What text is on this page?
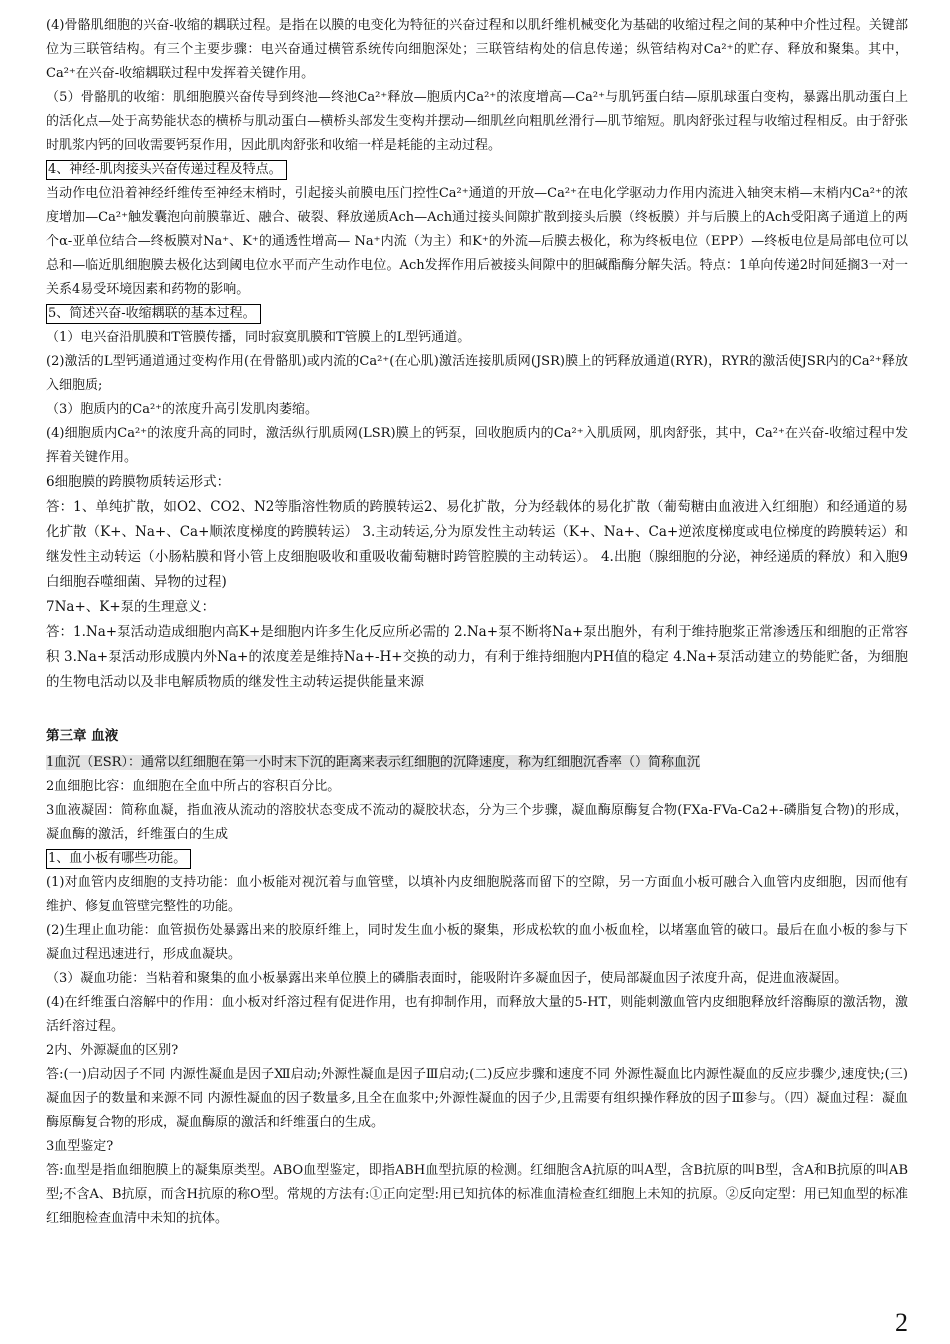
(4)骨骼肌细胞的兴奋-收缩的耦联过程。是指在以膜的电变化为特征的兴奋过程和以肌纤维机械变化为基础的收缩过程之间的某种中介性过程。关键部位为三联管结构。有三个主要步骤：电兴奋通过横管系统传向细胞深处；三联管结构处的信息传递；纵管结构对Ca²⁺的贮存、释放和聚集。其中，Ca²⁺在兴奋-收缩耦联过程中发挥着关键作用。

（5）骨骼肌的收缩：肌细胞膜兴奋传导到终池—终池Ca²⁺释放—胞质内Ca²⁺的浓度增高—Ca²⁺与肌钙蛋白结—原肌球蛋白变构，暴露出肌动蛋白上的活化点—处于高势能状态的横桥与肌动蛋白—横桥头部发生变构并摆动—细肌丝向粗肌丝滑行—肌节缩短。肌肉舒张过程与收缩过程相反。由于舒张时肌浆内钙的回收需要钙泵作用，因此肌肉舒张和收缩一样是耗能的主动过程。

4、神经-肌肉接头兴奋传递过程及特点。

当动作电位沿着神经纤维传至神经末梢时，引起接头前膜电压门控性Ca²⁺通道的开放—Ca²⁺在电化学驱动力作用内流进入轴突末梢—末梢内Ca²⁺的浓度增加—Ca²⁺触发囊泡向前膜靠近、融合、破裂、释放递质Ach—Ach通过接头间隙扩散到接头后膜（终板膜）并与后膜上的Ach受阳离子通道上的两个α-亚单位结合—终板膜对Na⁺、K⁺的通透性增高— Na⁺内流（为主）和K⁺的外流—后膜去极化，称为终板电位（EPP）—终板电位是局部电位可以总和—临近肌细胞膜去极化达到阈电位水平而产生动作电位。Ach发挥作用后被接头间隙中的胆碱酯酶分解失活。特点：1单向传递2时间延搁3一对一关系4易受环境因素和药物的影响。

5、简述兴奋-收缩耦联的基本过程。

（1）电兴奋沿肌膜和T管膜传播，同时寂寞肌膜和T管膜上的L型钙通道。

(2)激活的L型钙通道通过变构作用(在骨骼肌)或内流的Ca²⁺(在心肌)激活连接肌质网(JSR)膜上的钙释放通道(RYR)，RYR的激活使JSR内的Ca²⁺释放入细胞质;

（3）胞质内的Ca²⁺的浓度升高引发肌肉萎缩。

(4)细胞质内Ca²⁺的浓度升高的同时，激活纵行肌质网(LSR)膜上的钙泵，回收胞质内的Ca²⁺入肌质网，肌肉舒张，其中，Ca²⁺在兴奋-收缩过程中发挥着关键作用。

6细胞膜的跨膜物质转运形式：

答：1、单纯扩散，如O2、CO2、N2等脂溶性物质的跨膜转运2、易化扩散，分为经载体的易化扩散（葡萄糖由血液进入红细胞）和经通道的易化扩散（K+、Na+、Ca+顺浓度梯度的跨膜转运） 3.主动转运,分为原发性主动转运（K+、Na+、Ca+逆浓度梯度或电位梯度的跨膜转运）和继发性主动转运（小肠粘膜和肾小管上皮细胞吸收和重吸收葡萄糖时跨管腔膜的主动转运）。 4.出胞（腺细胞的分泌，神经递质的释放）和入胞9白细胞吞噬细菌、异物的过程)

7Na+、K+泵的生理意义：

答：1.Na+泵活动造成细胞内高K+是细胞内许多生化反应所必需的 2.Na+泵不断将Na+泵出胞外，有利于维持胞浆正常渗透压和细胞的正常容积 3.Na+泵活动形成膜内外Na+的浓度差是维持Na+-H+交换的动力，有利于维持细胞内PH值的稳定 4.Na+泵活动建立的势能贮备，为细胞的生物电活动以及非电解质物质的继发性主动转运提供能量来源

第三章 血液

1血沉（ESR）：通常以红细胞在第一小时末下沉的距离来表示红细胞的沉降速度，称为红细胞沉香率（）简称血沉

2血细胞比容：血细胞在全血中所占的容积百分比。

3血液凝固：简称血凝，指血液从流动的溶胶状态变成不流动的凝胶状态，分为三个步骤，凝血酶原酶复合物(FXa-FVa-Ca2+-磷脂复合物)的形成， 凝血酶的激活，纤维蛋白的生成

1、血小板有哪些功能。

(1)对血管内皮细胞的支持功能：血小板能对视沉着与血管壁，以填补内皮细胞脱落而留下的空隙，另一方面血小板可融合入血管内皮细胞，因而他有维护、修复血管壁完整性的功能。

(2)生理止血功能：血管损伤处暴露出来的胶原纤维上，同时发生血小板的聚集，形成松软的血小板血栓，以堵塞血管的破口。最后在血小板的参与下凝血过程迅速进行，形成血凝块。

（3）凝血功能：当粘着和聚集的血小板暴露出来单位膜上的磷脂表面时，能吸附许多凝血因子，使局部凝血因子浓度升高，促进血液凝固。

(4)在纤维蛋白溶解中的作用：血小板对纤溶过程有促进作用，也有抑制作用，而释放大量的5-HT，则能刺激血管内皮细胞释放纤溶酶原的激活物，激活纤溶过程。

2内、外源凝血的区别?

答:(一)启动因子不同 内源性凝血是因子Ⅻ启动;外源性凝血是因子Ⅲ启动;(二)反应步骤和速度不同 外源性凝血比内源性凝血的反应步骤少,速度快;(三)凝血因子的数量和来源不同 内源性凝血的因子数量多,且全在血浆中;外源性凝血的因子少,且需要有组织操作释放的因子Ⅲ参与。（四）凝血过程：凝血酶原酶复合物的形成，凝血酶原的激活和纤维蛋白的生成。

3血型鉴定?

答:血型是指血细胞膜上的凝集原类型。ABO血型鉴定，即指ABH血型抗原的检测。红细胞含A抗原的叫A型，含B抗原的叫B型，含A和B抗原的叫AB型;不含A、B抗原，而含H抗原的称O型。常规的方法有:①正向定型:用已知抗体的标准血清检查红细胞上未知的抗原。②反向定型：用已知血型的标准红细胞检查血清中未知的抗体。

2
